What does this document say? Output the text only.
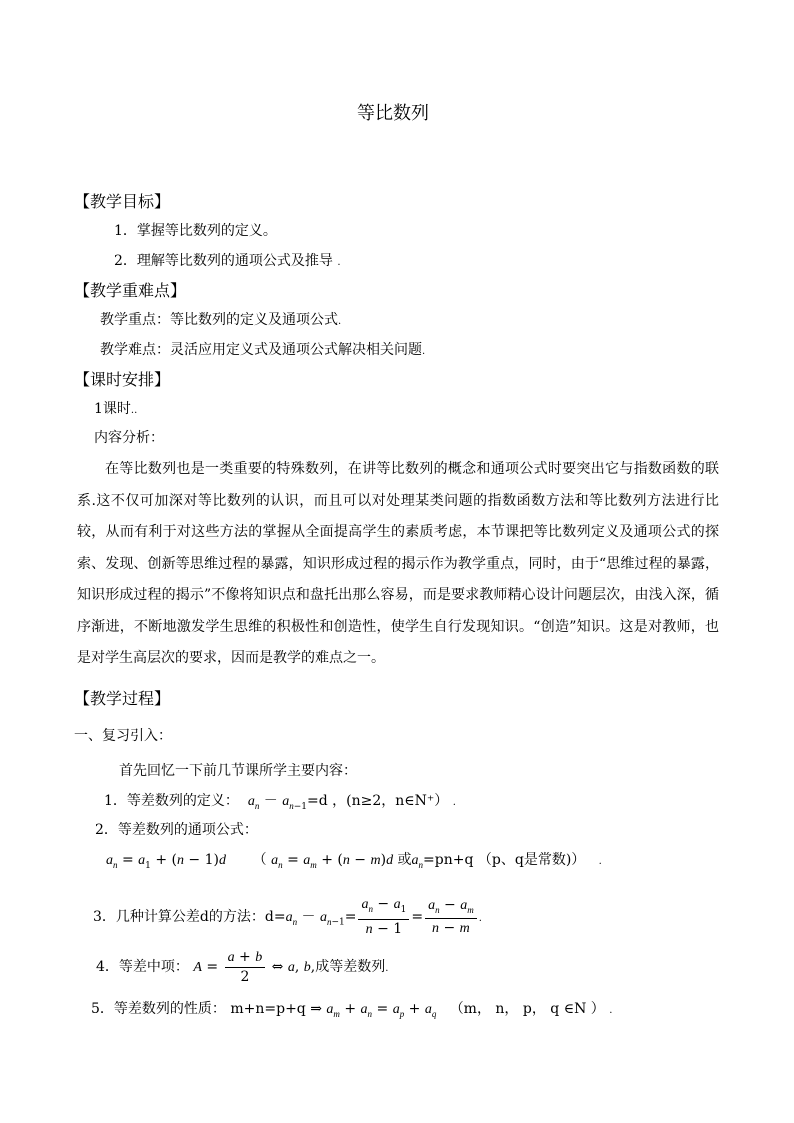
等比数列
【教学目标】
1．掌握等比数列的定义。
2．理解等比数列的通项公式及推导 .
【教学重难点】
教学重点：等比数列的定义及通项公式.
教学难点：灵活应用定义式及通项公式解决相关问题.
【课时安排】
1课时..
内容分析：
在等比数列也是一类重要的特殊数列，在讲等比数列的概念和通项公式时要突出它与指数函数的联系.这不仅可加深对等比数列的认识，而且可以对处理某类问题的指数函数方法和等比数列方法进行比较，从而有利于对这些方法的掌握从全面提高学生的素质考虑，本节课把等比数列定义及通项公式的探索、发现、创新等思维过程的暴露，知识形成过程的揭示作为教学重点，同时，由于“思维过程的暴露，知识形成过程的揭示”不像将知识点和盘托出那么容易，而是要求教师精心设计问题层次，由浅入深，循序渐进，不断地激发学生思维的积极性和创造性，使学生自行发现知识。“创造”知识。这是对教师，也是对学生高层次的要求，因而是教学的难点之一。
【教学过程】
一、复习引入：
首先回忆一下前几节课所学主要内容：
1．等差数列的定义： $a_n - a_{n-1}=d$ ，(n≥2，n∈N⁺） .
2．等差数列的通项公式：
$a_n = a_1 + (n - 1)d$      （ $a_n = a_m + (n - m)d$ 或$a_n=pn+q$ （p、q是常数)） .
3．几种计算公差d的方法：$d=a_n - a_{n-1}= \frac{a_n - a_1}{n - 1} = \frac{a_n - a_m}{n - m}$ .
4．等差中项： $A = \frac{a + b}{2}$ ⇔ a, b,成等差数列.
5．等差数列的性质： m+n=p+q ⇒ $a_m + a_n = a_p + a_q$ （m， n， p， q ∈N ） .
